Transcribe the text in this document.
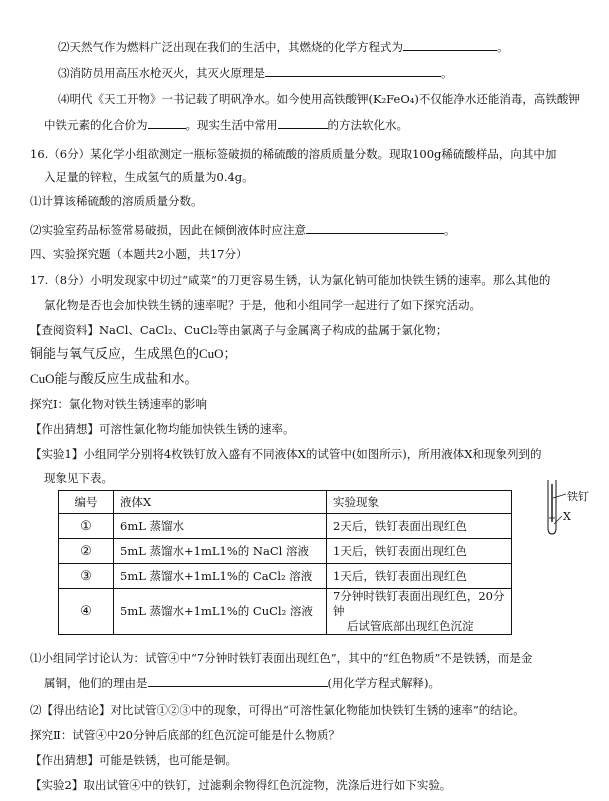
⑵天然气作为燃料广泛出现在我们的生活中，其燃烧的化学方程式为	。
⑶消防员用高压水枪灭火，其灭火原理是	。
⑷明代《天工开物》一书记载了明矾净水。如今使用高铁酸钾(K₂FeO₄)不仅能净水还能消毒，高铁酸钾
中铁元素的化合价为	。现实生活中常用	的方法软化水。
16.（6分）某化学小组欲测定一瓶标签破损的稀硫酸的溶质质量分数。现取100g稀硫酸样品，向其中加
入足量的锌粒，生成氢气的质量为0.4g。
⑴计算该稀硫酸的溶质质量分数。
⑵实验室药品标签常易破损，因此在倾倒液体时应注意	。
四、实验探究题（本题共2小题，共17分）
17.（8分）小明发现家中切过“咸菜”的刀更容易生锈，认为氯化钠可能加快铁生锈的速率。那么其他的
氯化物是否也会加快铁生锈的速率呢？于是，他和小组同学一起进行了如下探究活动。
【查阅资料】NaCl、CaCl₂、CuCl₂等由氯离子与金属离子构成的盐属于氯化物；
铜能与氧气反应，生成黑色的CuO；
CuO能与酸反应生成盐和水。
探究Ⅰ：氯化物对铁生锈速率的影响
【作出猜想】可溶性氯化物均能加快铁生锈的速率。
【实验1】小组同学分别将4枚铁钉放入盛有不同液体X的试管中(如图所示)，所用液体X和现象列到的
现象见下表。
编号	液体X	实验现象
①	6mL 蒸馏水	2天后，铁钉表面出现红色
②	5mL 蒸馏水+1mL1%的 NaCl 溶液	1天后，铁钉表面出现红色
③	5mL 蒸馏水+1mL1%的 CaCl₂ 溶液	1天后，铁钉表面出现红色
④	5mL 蒸馏水+1mL1%的 CuCl₂ 溶液	7分钟时铁钉表面出现红色，20分钟
后试管底部出现红色沉淀
铁钉
X
⑴小组同学讨论认为：试管④中“7分钟时铁钉表面出现红色”，其中的“红色物质”不是铁锈，而是金
属铜，他们的理由是	(用化学方程式解释)。
⑵【得出结论】对比试管①②③中的现象，可得出“可溶性氯化物能加快铁钉生锈的速率”的结论。
探究Ⅱ：试管④中20分钟后底部的红色沉淀可能是什么物质？
【作出猜想】可能是铁锈，也可能是铜。
【实验2】取出试管④中的铁钉，过滤剩余物得红色沉淀物，洗涤后进行如下实验。
